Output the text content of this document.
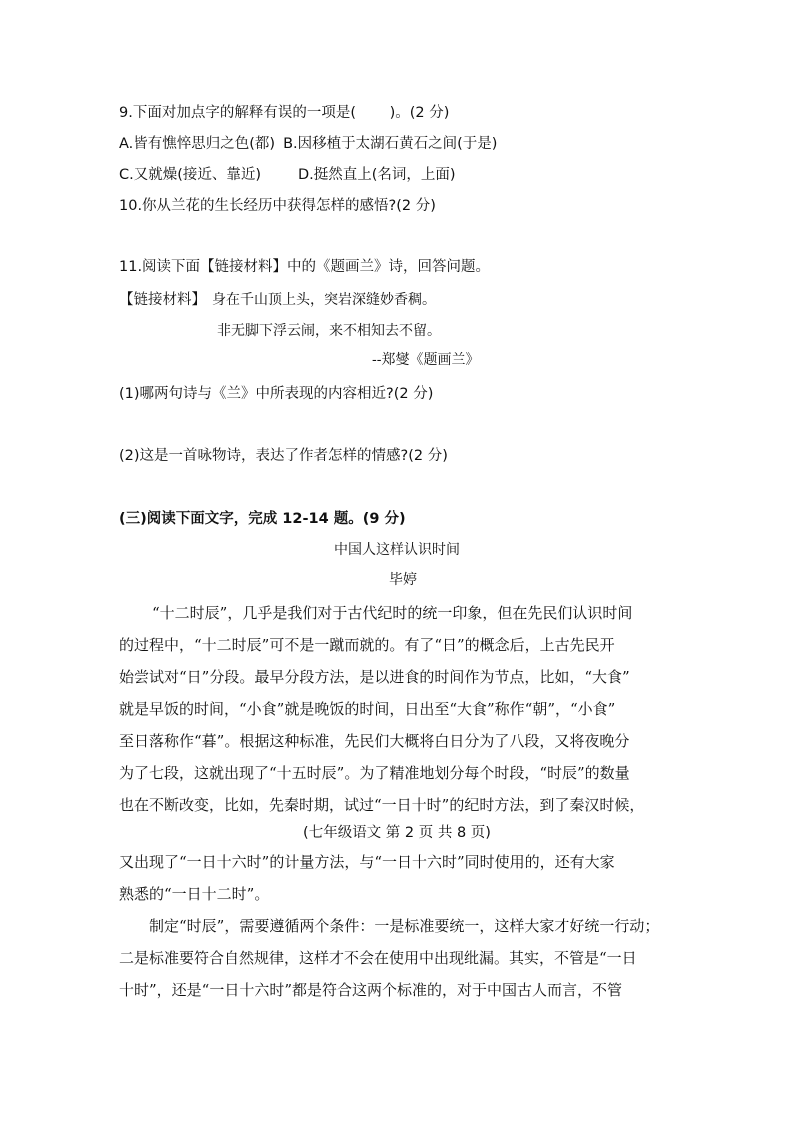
9.下面对加点字的解释有误的一项是(　　 )。(2 分)
A.皆有憔悴思归之色(都) B.因移植于太湖石黄石之间(于是)
C.又就燥(接近、靠近)	D.挺然直上(名词，上面)
10.你从兰花的生长经历中获得怎样的感悟?(2 分)
11.阅读下面【链接材料】中的《题画兰》诗，回答问题。
【链接材料】 身在千山顶上头，突岩深缝妙香稠。
非无脚下浮云闹，来不相知去不留。
--郑燮《题画兰》
(1)哪两句诗与《兰》中所表现的内容相近?(2 分)
(2)这是一首咏物诗，表达了作者怎样的情感?(2 分)
(三)阅读下面文字，完成 12-14 题。(9 分)
中国人这样认识时间
毕婷
“十二时辰”，几乎是我们对于古代纪时的统一印象，但在先民们认识时间
的过程中，“十二时辰”可不是一蹴而就的。有了“日”的概念后，上古先民开
始尝试对“日”分段。最早分段方法，是以进食的时间作为节点，比如，“大食”
就是早饭的时间，“小食”就是晚饭的时间，日出至“大食”称作“朝”，“小食”
至日落称作“暮”。根据这种标准，先民们大概将白日分为了八段，又将夜晚分
为了七段，这就出现了“十五时辰”。为了精准地划分每个时段，“时辰”的数量
也在不断改变，比如，先秦时期，试过“一日十时”的纪时方法，到了秦汉时候，
(七年级语文 第 2 页 共 8 页)
又出现了“一日十六时”的计量方法，与“一日十六时”同时使用的，还有大家
熟悉的“一日十二时”。
制定“时辰”，需要遵循两个条件：一是标准要统一，这样大家才好统一行动；
二是标准要符合自然规律，这样才不会在使用中出现纰漏。其实，不管是“一日
十时”，还是“一日十六时”都是符合这两个标准的，对于中国古人而言，不管
